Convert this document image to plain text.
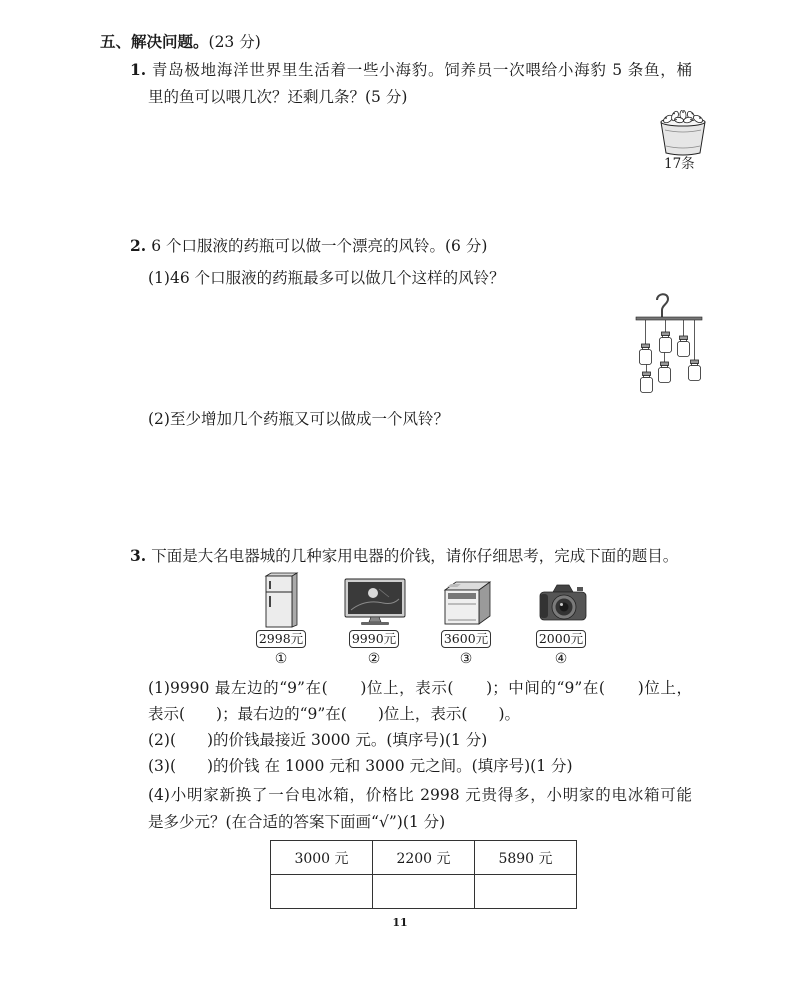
五、解决问题。(23 分)
1. 青岛极地海洋世界里生活着一些小海豹。饲养员一次喂给小海豹 5 条鱼，桶
里的鱼可以喂几次？还剩几条？(5 分)
17条
2. 6 个口服液的药瓶可以做一个漂亮的风铃。(6 分)
(1)46 个口服液的药瓶最多可以做几个这样的风铃？
(2)至少增加几个药瓶又可以做成一个风铃？
3. 下面是大名电器城的几种家用电器的价钱，请你仔细思考，完成下面的题目。
2998元	9990元	3600元	2000元
①	②	③	④
(1)9990 最左边的“9”在(　　)位上，表示(　　)；中间的“9”在(　　)位上，
表示(　　)；最右边的“9”在(　　)位上，表示(　　)。
(2)(　　)的价钱最接近 3000 元。(填序号)(1 分)
(3)(　　)的价钱 在 1000 元和 3000 元之间。(填序号)(1 分)
(4)小明家新换了一台电冰箱，价格比 2998 元贵得多，小明家的电冰箱可能
是多少元？(在合适的答案下面画“√”)(1 分)
3000 元	2200 元	5890 元

11
